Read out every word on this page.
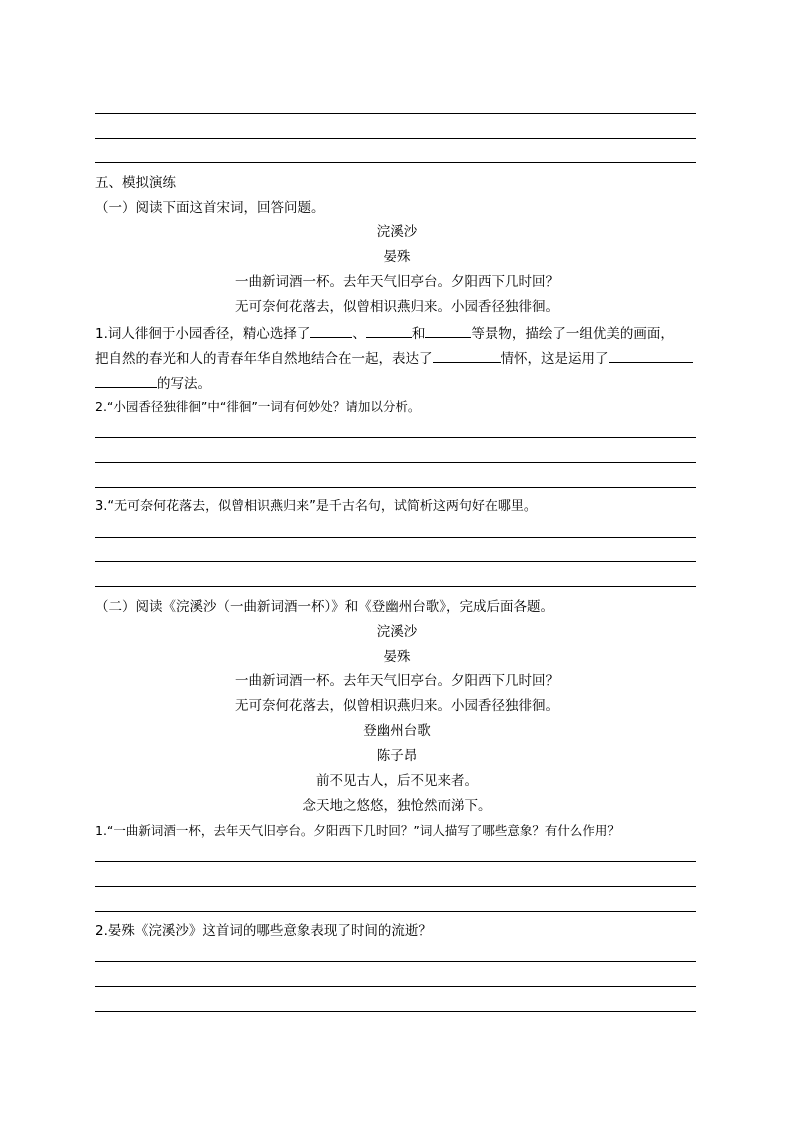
五、模拟演练
（一）阅读下面这首宋词，回答问题。
浣溪沙
晏殊
一曲新词酒一杯。去年天气旧亭台。夕阳西下几时回？
无可奈何花落去，似曾相识燕归来。小园香径独徘徊。
1.词人徘徊于小园香径，精心选择了	、	和	等景物，描绘了一组优美的画面，
把自然的春光和人的青春年华自然地结合在一起，表达了	情怀，这是运用了
的写法。
2.“小园香径独徘徊”中“徘徊”一词有何妙处？请加以分析。
3.“无可奈何花落去，似曾相识燕归来”是千古名句，试简析这两句好在哪里。
（二）阅读《浣溪沙（一曲新词酒一杯）》和《登幽州台歌》，完成后面各题。
浣溪沙
晏殊
一曲新词酒一杯。去年天气旧亭台。夕阳西下几时回？
无可奈何花落去，似曾相识燕归来。小园香径独徘徊。
登幽州台歌
陈子昂
前不见古人，后不见来者。
念天地之悠悠，独怆然而涕下。
1.“一曲新词酒一杯，去年天气旧亭台。夕阳西下几时回？”词人描写了哪些意象？有什么作用？
2.晏殊《浣溪沙》这首词的哪些意象表现了时间的流逝？
